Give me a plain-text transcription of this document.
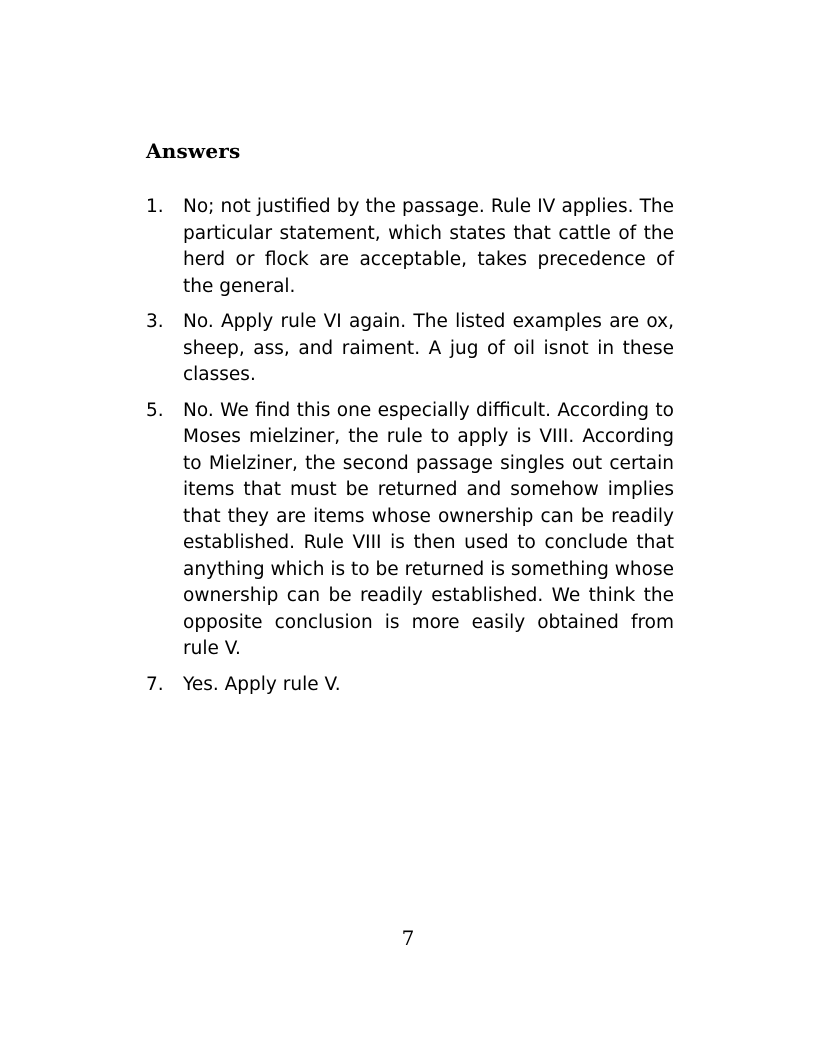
Answers
1. No; not justified by the passage. Rule IV applies. The particular statement, which states that cattle of the herd or flock are acceptable, takes precedence of the general.
3. No. Apply rule VI again. The listed examples are ox, sheep, ass, and raiment. A jug of oil isnot in these classes.
5. No. We find this one especially difficult. According to Moses mielziner, the rule to apply is VIII. According to Mielziner, the second passage singles out certain items that must be returned and somehow implies that they are items whose ownership can be readily established. Rule VIII is then used to conclude that anything which is to be returned is something whose ownership can be readily established. We think the opposite conclusion is more easily obtained from rule V.
7. Yes. Apply rule V.
7
